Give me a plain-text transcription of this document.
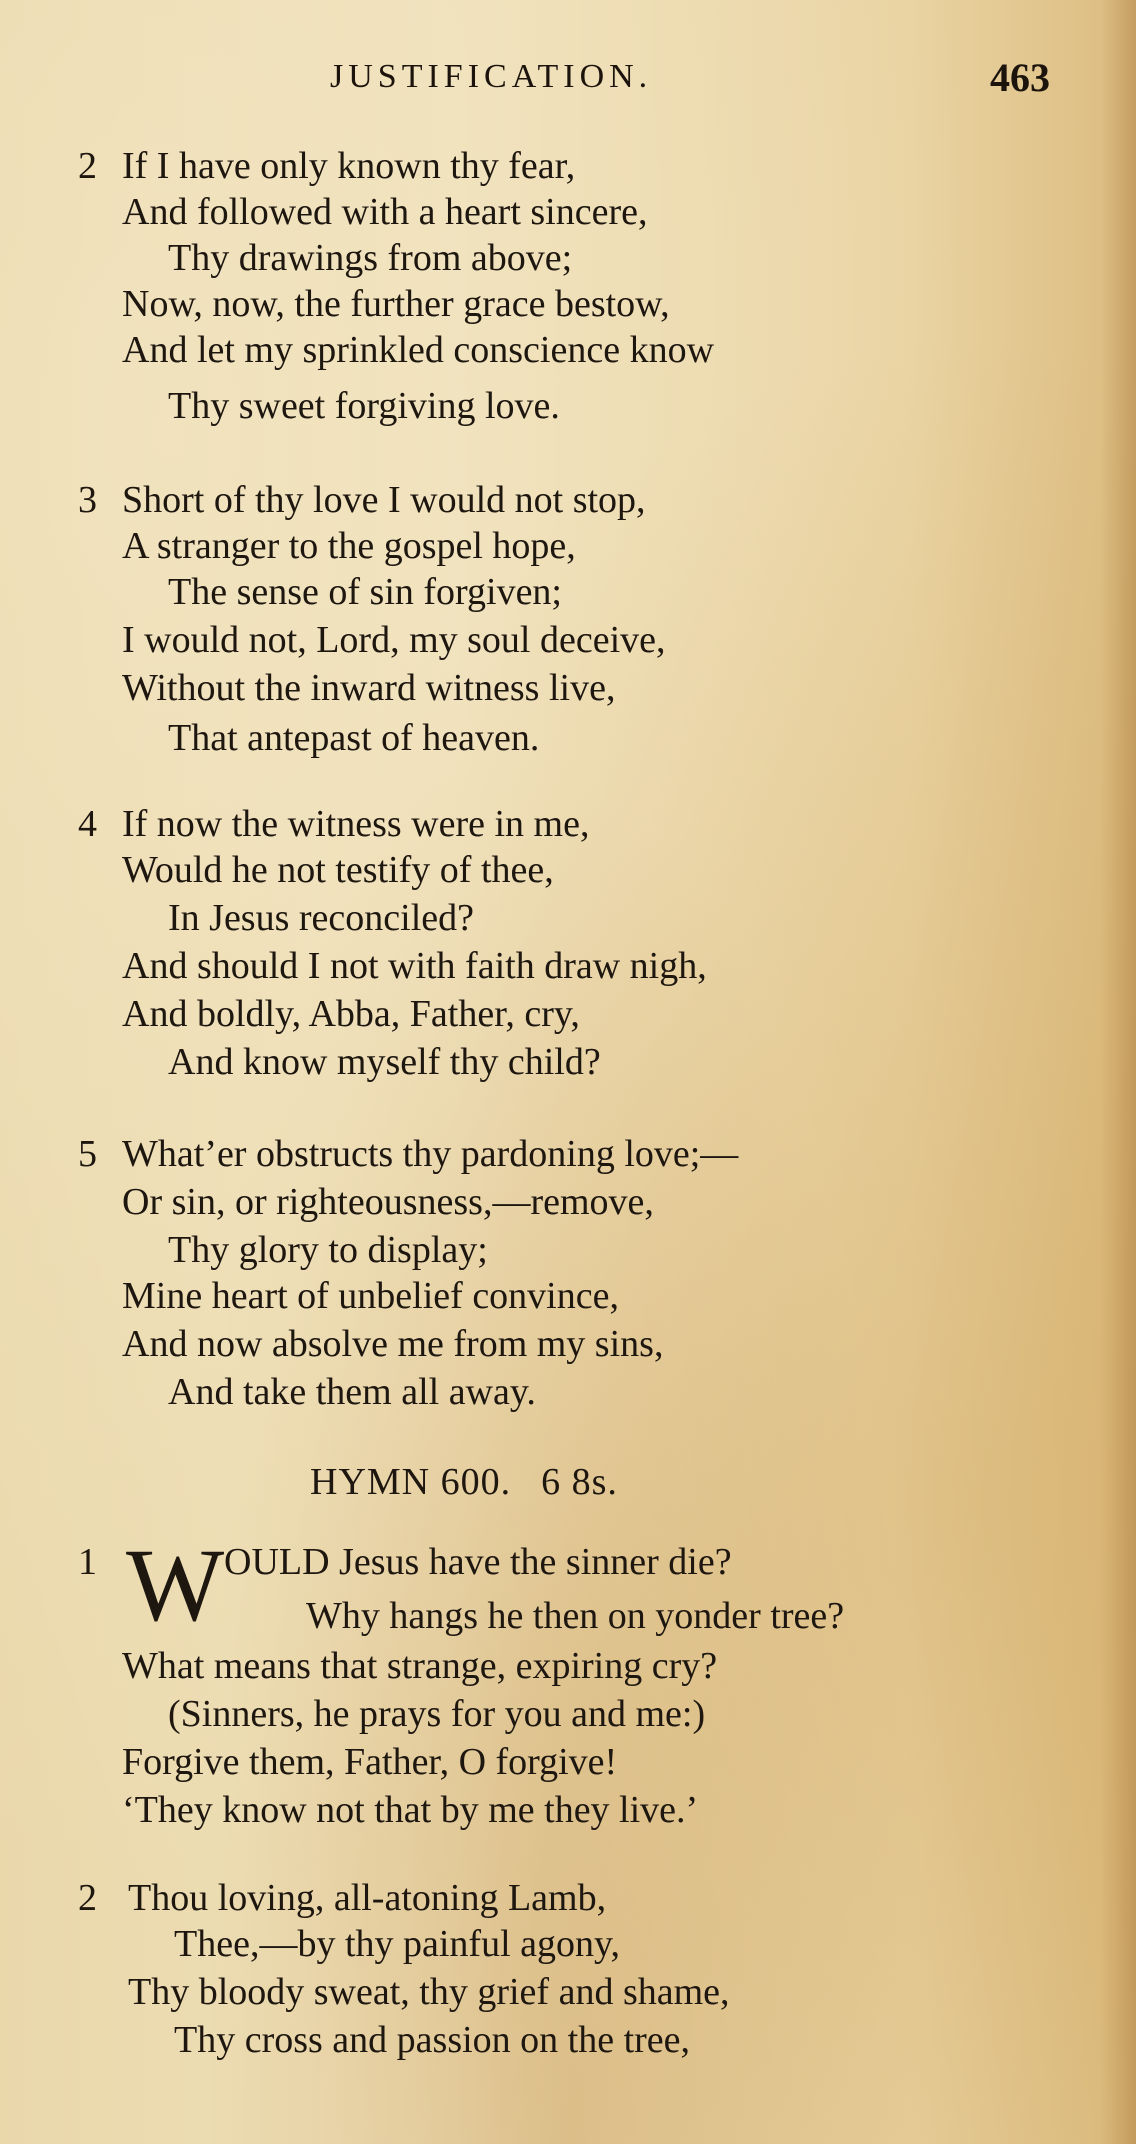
JUSTIFICATION.	463
2 If I have only known thy fear,
And followed with a heart sincere,
Thy drawings from above;
Now, now, the further grace bestow,
And let my sprinkled conscience know
Thy sweet forgiving love.
3 Short of thy love I would not stop,
A stranger to the gospel hope,
The sense of sin forgiven;
I would not, Lord, my soul deceive,
Without the inward witness live,
That antepast of heaven.
4 If now the witness were in me,
Would he not testify of thee,
In Jesus reconciled?
And should I not with faith draw nigh,
And boldly, Abba, Father, cry,
And know myself thy child?
5 What’er obstructs thy pardoning love;—
Or sin, or righteousness,—remove,
Thy glory to display;
Mine heart of unbelief convince,
And now absolve me from my sins,
And take them all away.
HYMN 600. 6 8s.
1 W OULD Jesus have the sinner die?
Why hangs he then on yonder tree?
What means that strange, expiring cry?
(Sinners, he prays for you and me:)
Forgive them, Father, O forgive!
‘They know not that by me they live.’
2 Thou loving, all-atoning Lamb,
Thee,—by thy painful agony,
Thy bloody sweat, thy grief and shame,
Thy cross and passion on the tree,
